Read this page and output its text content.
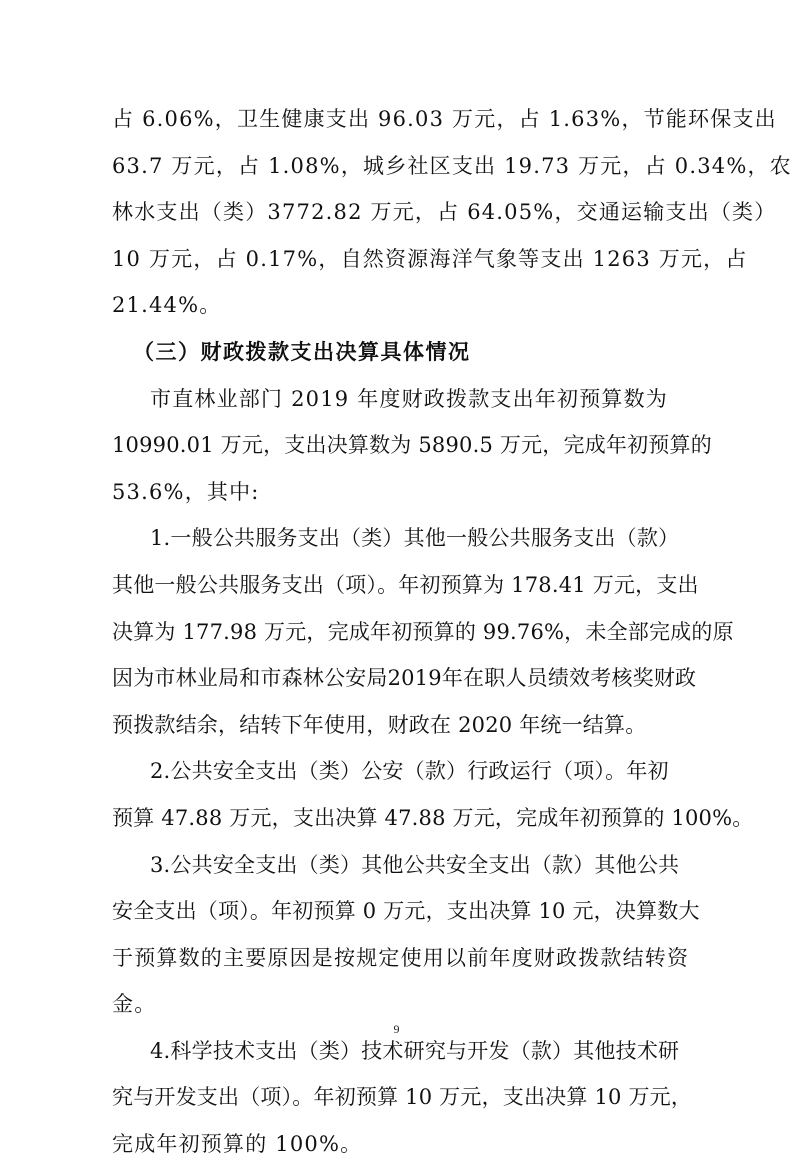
占 6.06%，卫生健康支出 96.03 万元，占 1.63%，节能环保支出
63.7 万元，占 1.08%，城乡社区支出 19.73 万元，占 0.34%，农
林水支出（类）3772.82 万元，占 64.05%，交通运输支出（类）
10 万元，占 0.17%，自然资源海洋气象等支出 1263 万元，占
21.44%。
（三）财政拨款支出决算具体情况
市直林业部门 2019 年度财政拨款支出年初预算数为
10990.01 万元，支出决算数为 5890.5 万元，完成年初预算的
53.6%，其中:
1.一般公共服务支出（类）其他一般公共服务支出（款）
其他一般公共服务支出（项）。年初预算为 178.41 万元，支出
决算为 177.98 万元，完成年初预算的 99.76%，未全部完成的原
因为市林业局和市森林公安局2019年在职人员绩效考核奖财政
预拨款结余，结转下年使用，财政在 2020 年统一结算。
2.公共安全支出（类）公安（款）行政运行（项）。年初
预算 47.88 万元，支出决算 47.88 万元，完成年初预算的 100%。
3.公共安全支出（类）其他公共安全支出（款）其他公共
安全支出（项）。年初预算 0 万元，支出决算 10 元，决算数大
于预算数的主要原因是按规定使用以前年度财政拨款结转资
金。
4.科学技术支出（类）技术研究与开发（款）其他技术研
究与开发支出（项）。年初预算 10 万元，支出决算 10 万元，
完成年初预算的 100%。
9
